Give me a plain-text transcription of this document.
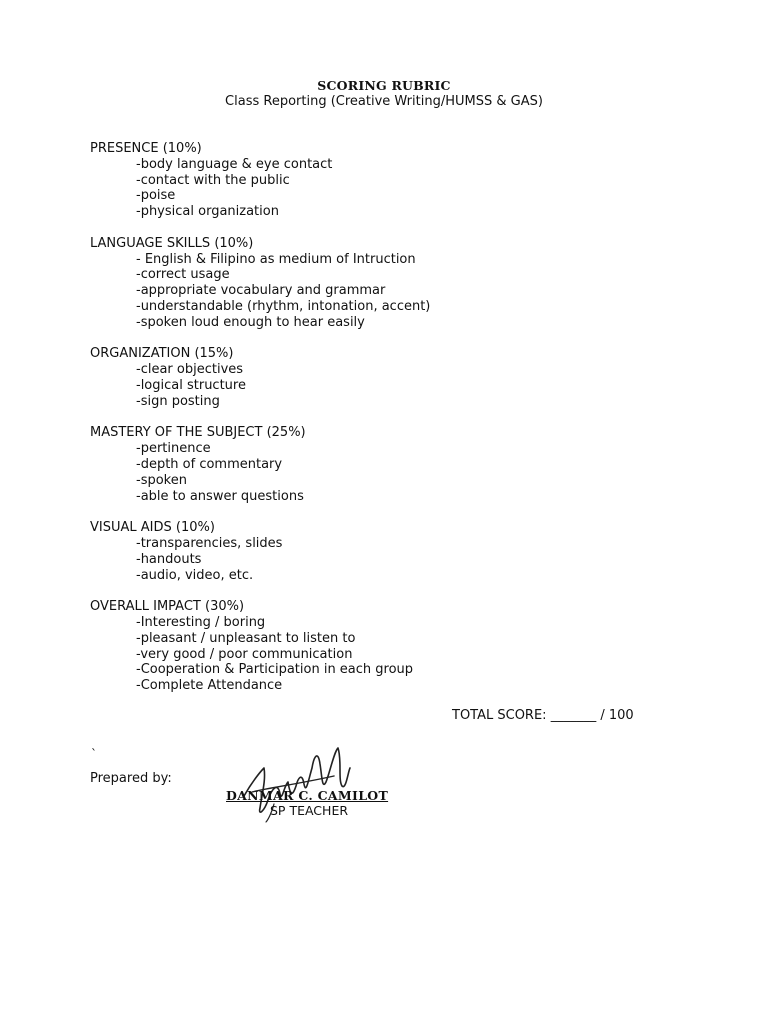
SCORING RUBRIC
Class Reporting (Creative Writing/HUMSS & GAS)
PRESENCE (10%)
-body language & eye contact
-contact with the public
-poise
-physical organization
LANGUAGE SKILLS (10%)
- English & Filipino as medium of Intruction
-correct usage
-appropriate vocabulary and grammar
-understandable (rhythm, intonation, accent)
-spoken loud enough to hear easily
ORGANIZATION (15%)
-clear objectives
-logical structure
-sign posting
MASTERY OF THE SUBJECT (25%)
-pertinence
-depth of commentary
-spoken
-able to answer questions
VISUAL AIDS (10%)
-transparencies, slides
-handouts
-audio, video, etc.
OVERALL IMPACT (30%)
-Interesting / boring
-pleasant / unpleasant to listen to
-very good / poor communication
-Cooperation & Participation in each group
-Complete Attendance
TOTAL SCORE: _______ / 100
`
Prepared by:
DANMAR C. CAMILOT
SP TEACHER
